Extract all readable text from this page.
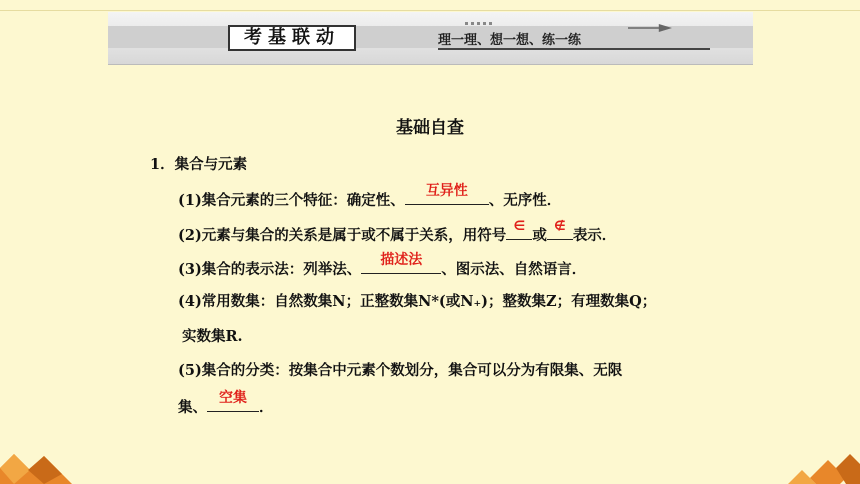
考基联动	理一理、想一想、练一练
基础自查
1．集合与元素
(1)集合元素的三个特征：确定性、
互异性
、无序性．
(2)元素与集合的关系是属于或不属于关系，用符号
∈
或
∉
表示．
(3)集合的表示法：列举法、
描述法
、图示法、自然语言．
(4)常用数集：自然数集N；正整数集N*(或N₊)；整数集Z；有理数集Q；
实数集R.
(5)集合的分类：按集合中元素个数划分，集合可以分为有限集、无限
集、
空集
．
